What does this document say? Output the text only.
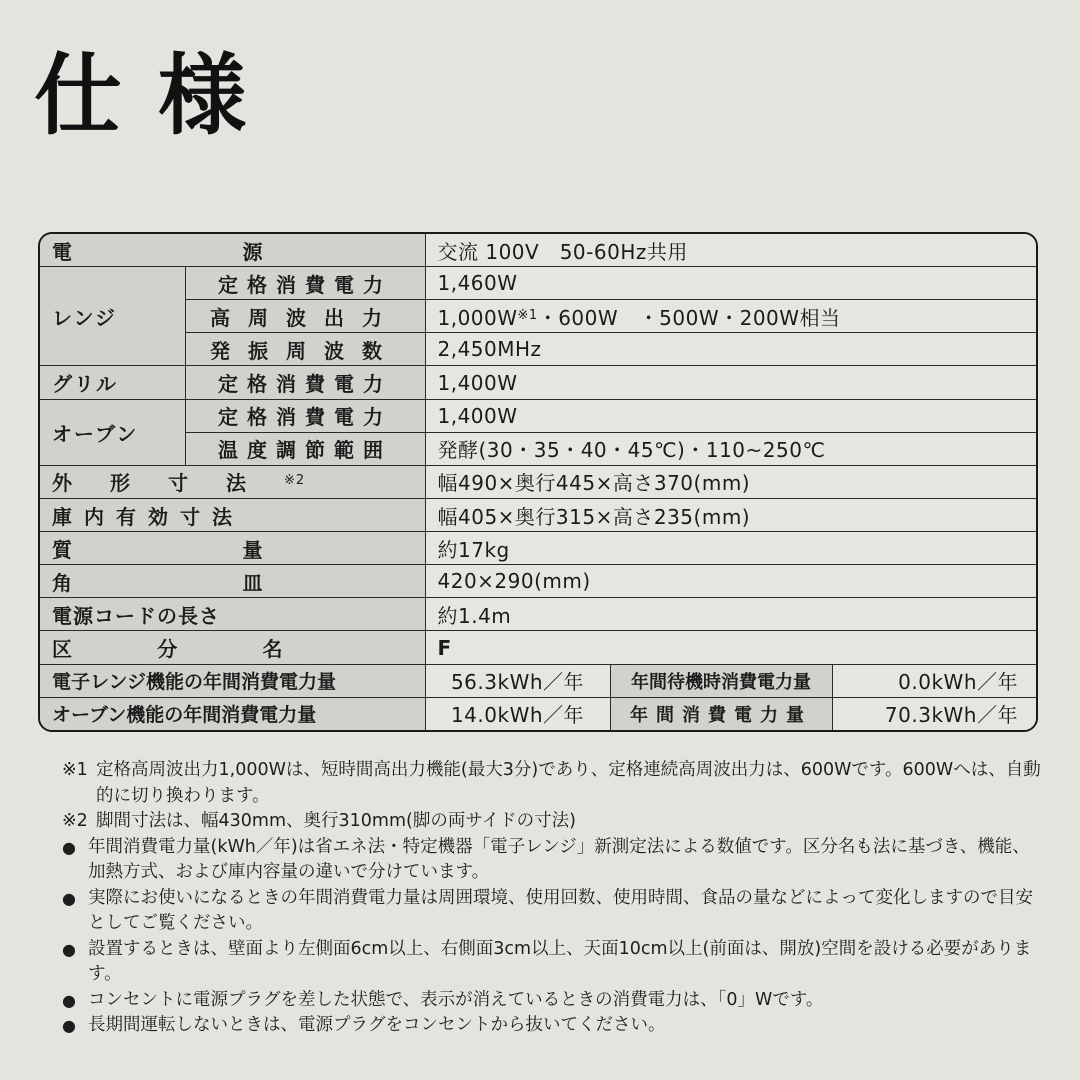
仕様
電 源		交流 100V　50-60Hz共用		
レンジ	定格消費電力	1,460W		
	高周波出力	$1,000W^{※1}$・600W　・500W・200W相当		
	発振周波数	2,450MHz		
グリル	定格消費電力	1,400W		
オーブン	定格消費電力	1,400W		
	温度調節範囲	発酵(30・35・40・45℃)・110~250℃		
外形寸法$^{※2}$		幅490×奥行445×高さ370(mm)		
庫内有効寸法		幅405×奥行315×高さ235(mm)		

質 量		約17kg		

角 皿		420×290(mm)		
電源コードの長さ		約1.4m		

区 分 名		F		
電子レンジ機能の年間消費電力量		56.3kWh／年	年間待機時消費電力量	0.0kWh／年
オーブン機能の年間消費電力量		14.0kWh／年	年間消費電力量	70.3kWh／年
※1 定格高周波出力1,000Wは、短時間高出力機能(最大3分)であり、定格連続高周波出力は、600Wです。600Wへは、自動的に切り換わります。
※2 脚間寸法は、幅430mm、奥行310mm(脚の両サイドの寸法)
● 年間消費電力量(kWh／年)は省エネ法・特定機器「電子レンジ」新測定法による数値です。区分名も法に基づき、機能、加熱方式、および庫内容量の違いで分けています。
● 実際にお使いになるときの年間消費電力量は周囲環境、使用回数、使用時間、食品の量などによって変化しますので目安としてご覧ください。
● 設置するときは、壁面より左側面6cm以上、右側面3cm以上、天面10cm以上(前面は、開放)空間を設ける必要があります。
● コンセントに電源プラグを差した状態で、表示が消えているときの消費電力は、「0」Wです。
● 長期間運転しないときは、電源プラグをコンセントから抜いてください。
